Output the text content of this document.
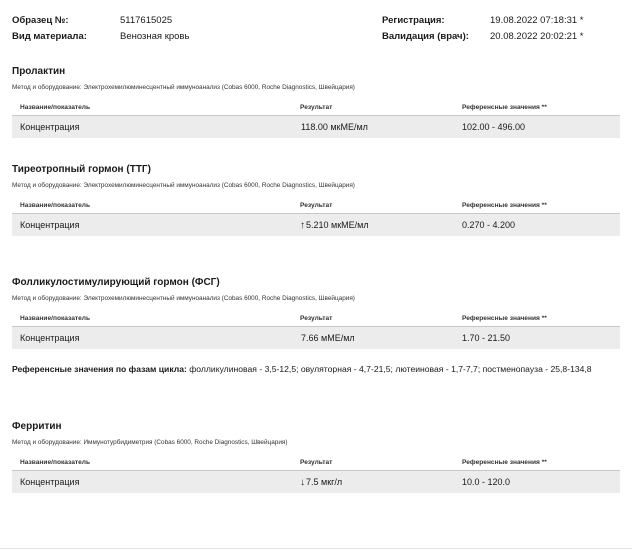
Образец №:	5117615025
Вид материала:	Венозная кровь
Регистрация:	19.08.2022 07:18:31 *
Валидация (врач): 20.08.2022 20:02:21 *
Пролактин
Метод и оборудование: Электрохемилюминесцентный иммуноанализ (Cobas 6000, Roche Diagnostics, Швейцария)
Название/показатель	Результат	Референсные значения **
Концентрация	118.00 мкМЕ/мл	102.00 - 496.00
Тиреотропный гормон (ТТГ)
Метод и оборудование: Электрохемилюминесцентный иммуноанализ (Cobas 6000, Roche Diagnostics, Швейцария)
Название/показатель	Результат	Референсные значения **
Концентрация	↑5.210 мкМЕ/мл	0.270 - 4.200
Фолликулостимулирующий гормон (ФСГ)
Метод и оборудование: Электрохемилюминесцентный иммуноанализ (Cobas 6000, Roche Diagnostics, Швейцария)
Название/показатель	Результат	Референсные значения **
Концентрация	7.66 мМЕ/мл	1.70 - 21.50
Референсные значения по фазам цикла: фолликулиновая - 3,5-12,5; овуляторная - 4,7-21,5; лютеиновая - 1,7-7,7; постменопауза - 25,8-134,8
Ферритин
Метод и оборудование: Иммунотурбидиметрия (Cobas 6000, Roche Diagnostics, Швейцария)
Название/показатель	Результат	Референсные значения **
Концентрация	↓7.5 мкг/л	10.0 - 120.0
